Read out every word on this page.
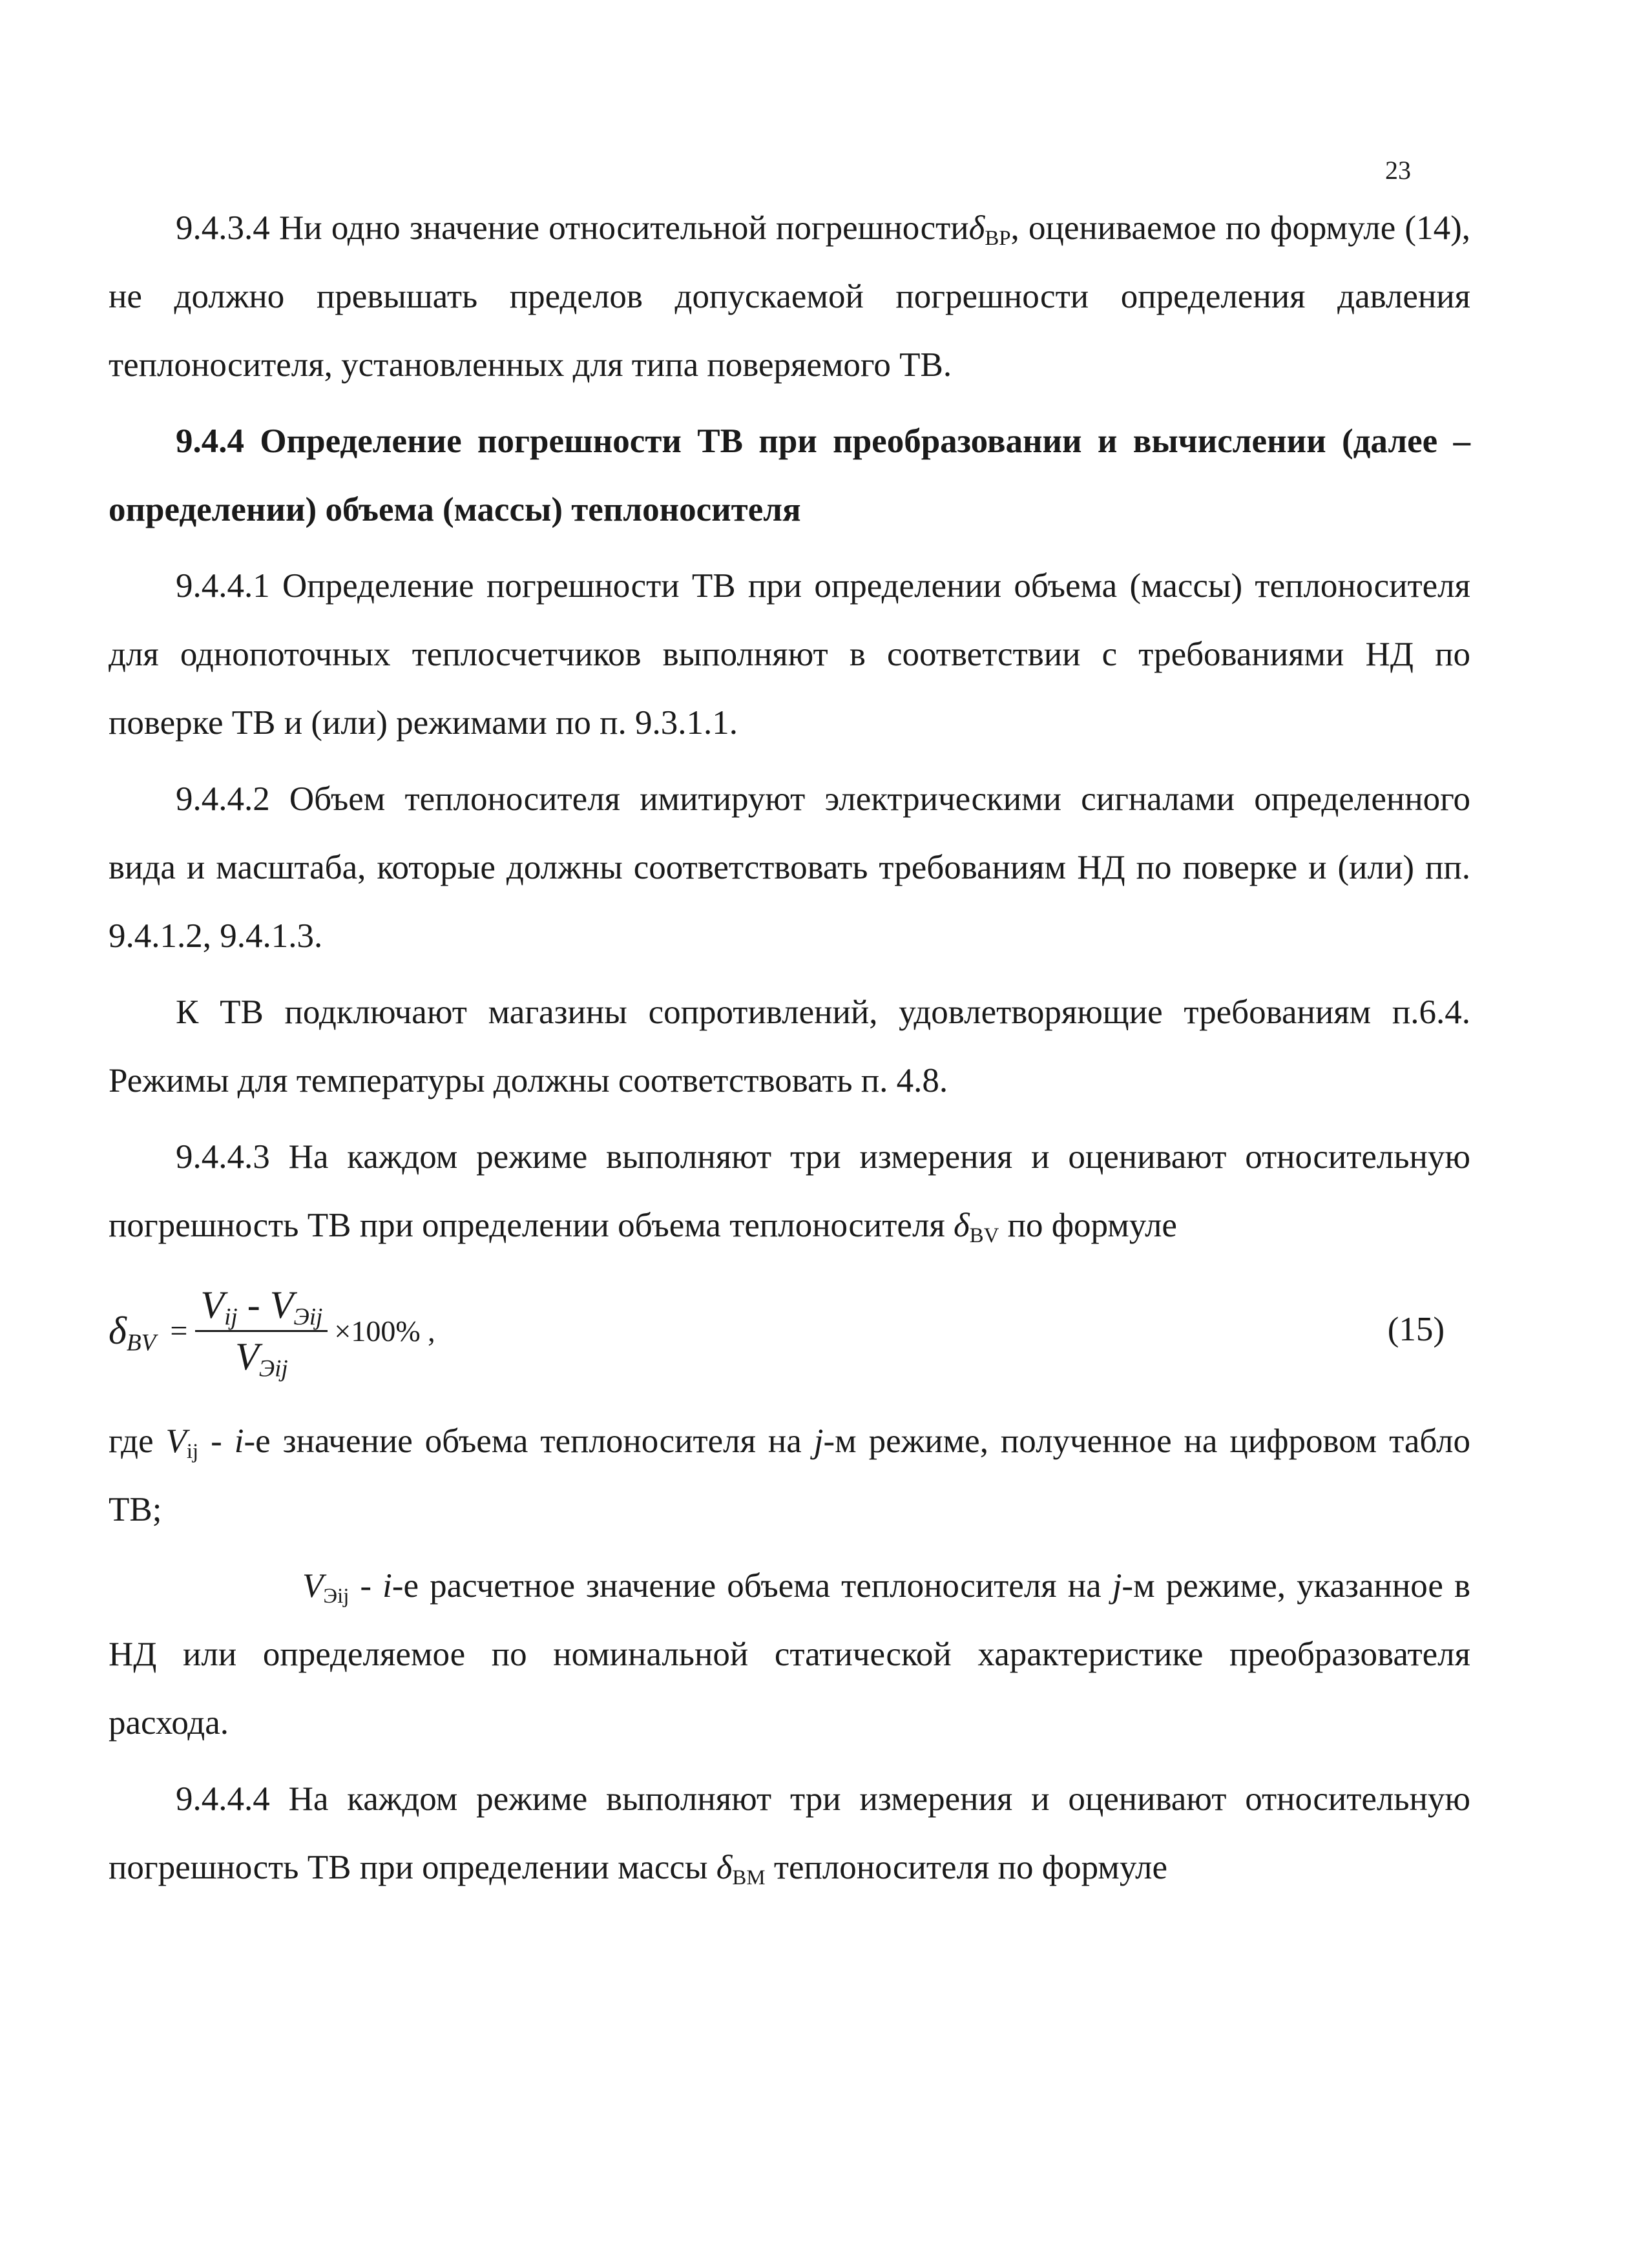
23

9.4.3.4 Ни одно значение относительной погрешностиδ$_{ВР}$, оцениваемое по формуле (14), не должно превышать пределов допускаемой погрешности определения давления теплоносителя, установленных для типа поверяемого ТВ.

9.4.4 Определение погрешности ТВ при преобразовании и вычислении (далее – определении) объема (массы) теплоносителя

9.4.4.1 Определение погрешности ТВ при определении объема (массы) теплоносителя для однопоточных теплосчетчиков выполняют в соответствии с требованиями НД по поверке ТВ и (или) режимами по п. 9.3.1.1.

9.4.4.2 Объем теплоносителя имитируют электрическими сигналами определенного вида и масштаба, которые должны соответствовать требованиям НД по поверке и (или) пп. 9.4.1.2, 9.4.1.3.

К ТВ подключают магазины сопротивлений, удовлетворяющие требованиям п.6.4. Режимы для температуры должны соответствовать п. 4.8.

9.4.4.3 На каждом режиме выполняют три измерения и оценивают относительную погрешность ТВ при определении объема теплоносителя $\delta_{ВV}$ по формуле

$\delta_{ВV} = \frac{V_{ij} - V_{Эij}}{V_{Эij}} \times 100\%$ ,	(15)

где $V_{ij} - i-е$ значение объема теплоносителя на j-м режиме, полученное на цифровом табло ТВ;

$V_{Эij} - i-е$ расчетное значение объема теплоносителя на j-м режиме, указанное в НД или определяемое по номинальной статической характеристике преобразователя расхода.

9.4.4.4 На каждом режиме выполняют три измерения и оценивают относительную погрешность ТВ при определении массы $\delta_{ВМ}$ теплоносителя по формуле
